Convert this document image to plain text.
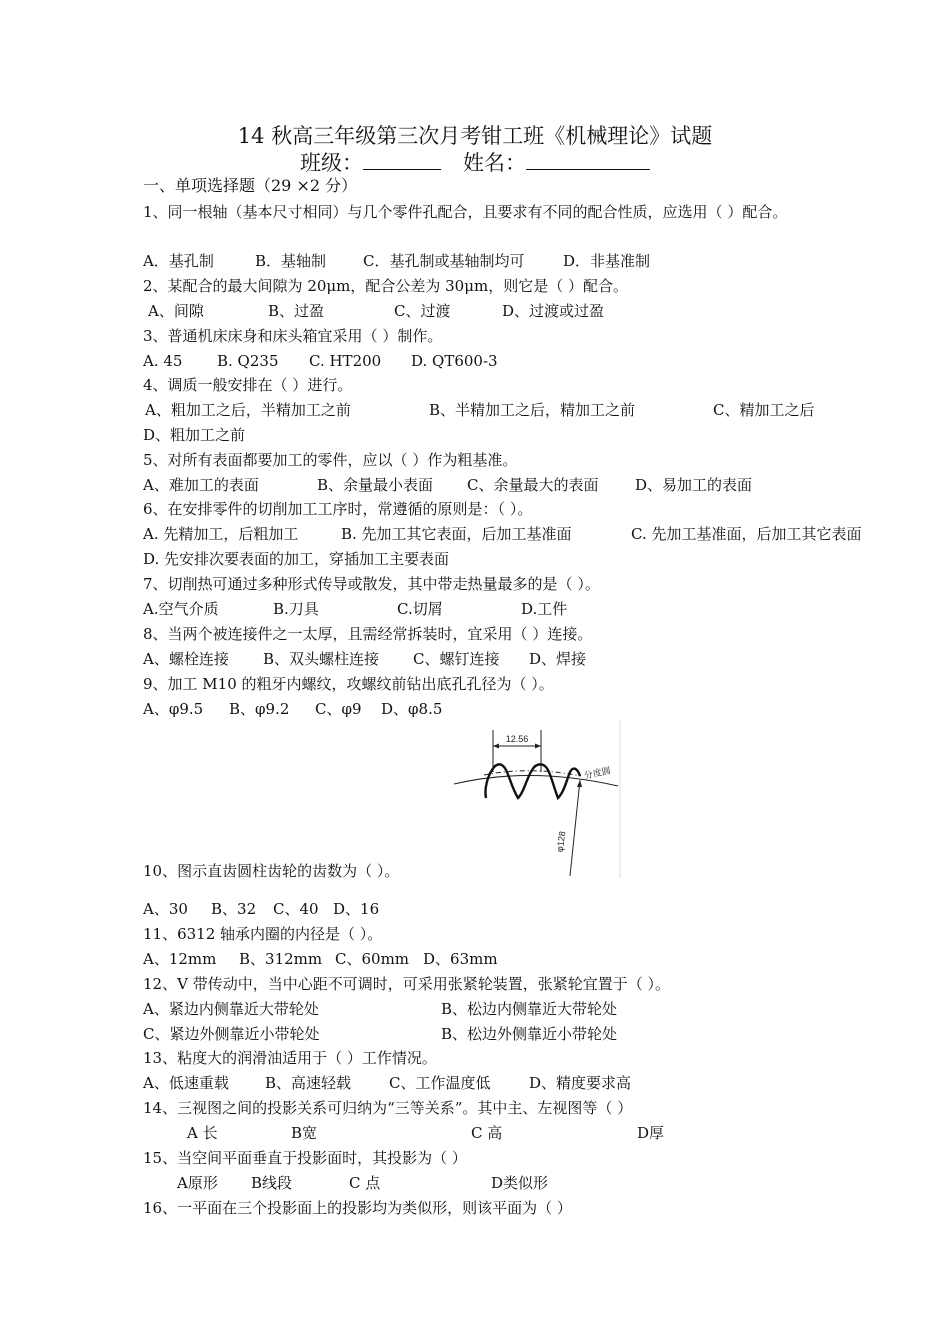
14 秋高三年级第三次月考钳工班《机械理论》试题
班级：	姓名：
一、单项选择题（29 ×2 分）
1、同一根轴（基本尺寸相同）与几个零件孔配合，且要求有不同的配合性质，应选用（ ）配合。
A．基孔制	B．基轴制 C．基孔制或基轴制均可	D．非基准制
2、某配合的最大间隙为 20μm，配合公差为 30μm，则它是（ ）配合。
A、间隙	B、过盈	C、过渡	D、过渡或过盈
3、普通机床床身和床头箱宜采用（ ）制作。
A. 45 B. Q235 C. HT200 D. QT600-3
4、调质一般安排在（ ）进行。
A、粗加工之后，半精加工之前	B、半精加工之后，精加工之前	C、精加工之后
D、粗加工之前
5、对所有表面都要加工的零件，应以（ ）作为粗基准。
A、难加工的表面	B、余量最小表面 C、余量最大的表面 D、易加工的表面
6、在安排零件的切削加工工序时，常遵循的原则是：（ ）。
A. 先精加工，后粗加工	B. 先加工其它表面，后加工基准面	C. 先加工基准面，后加工其它表面
D. 先安排次要表面的加工，穿插加工主要表面
7、切削热可通过多种形式传导或散发，其中带走热量最多的是（ ）。
A.空气介质	B.刀具	C.切屑	D.工件
8、当两个被连接件之一太厚，且需经常拆装时，宜采用（ ）连接。
A、螺栓连接 B、双头螺柱连接 C、螺钉连接 D、焊接
9、加工 M10 的粗牙内螺纹，攻螺纹前钻出底孔孔径为（ ）。
A、φ9.5 B、φ9.2 C、φ9 D、φ8.5
12.56
分度圆
φ128
10、图示直齿圆柱齿轮的齿数为（ ）。
A、30 B、32 C、40 D、16
11、6312 轴承内圈的内径是（ ）。
A、12mm B、312mm C、60mm D、63mm
12、V 带传动中，当中心距不可调时，可采用张紧轮装置，张紧轮宜置于（ ）。
A、紧边内侧靠近大带轮处	B、松边内侧靠近大带轮处
C、紧边外侧靠近小带轮处	B、松边外侧靠近小带轮处
13、粘度大的润滑油适用于（ ）工作情况。
A、低速重载 B、高速轻载	C、工作温度低	D、精度要求高
14、三视图之间的投影关系可归纳为“三等关系”。其中主、左视图等（ ）
A 长	B宽	C 高	D厚
15、当空间平面垂直于投影面时，其投影为（ ）
A原形 B线段	C 点	D类似形
16、一平面在三个投影面上的投影均为类似形，则该平面为（ ）
